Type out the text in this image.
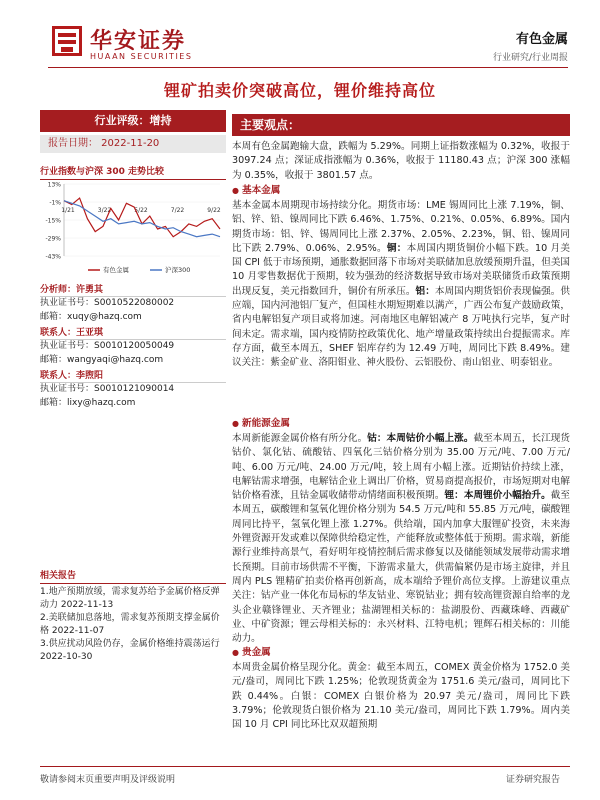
华安证券
HUAAN SECURITIES
有色金属
行业研究/行业周报
锂矿拍卖价突破高位，锂价维持高位
行业评级：增持
报告日期： 2022-11-20
行业指数与沪深 300 走势比较
13%
-1%
-15%
-29%
-43%
1/21	3/22	5/22	7/22	9/22
有色金属	沪深300
分析师：许勇其
执业证书号：S0010522080002
邮箱：xuqy@hazq.com
联系人：王亚琪
执业证书号：S0010120050049
邮箱：wangyaqi@hazq.com
联系人：李煦阳
执业证书号：S0010121090014
邮箱：lixy@hazq.com
相关报告
1.地产预期放缓，需求复苏给予金属价格反弹动力 2022-11-13
2.美联储加息落地，需求复苏预期支撑金属价格 2022-11-07
3.供应扰动风险仍存，金属价格维持震荡运行 2022-10-30
主要观点：
本周有色金属跑输大盘，跌幅为 5.29%。同期上证指数涨幅为 0.32%，收报于 3097.24 点；深证成指涨幅为 0.36%，收报于 11180.43 点；沪深 300 涨幅为 0.35%，收报于 3801.57 点。
● 基本金属
基本金属本周期现市场持续分化。期货市场：LME 锡周同比上涨 7.19%，铜、铝、锌、铅、镍周同比下跌 6.46%、1.75%、0.21%、0.05%、6.89%。国内期货市场：铝、锌、锡周同比上涨 2.37%、2.05%、2.23%，铜、铅、镍周同比下跌 2.79%、0.06%、2.95%。铜：本周国内期货铜价小幅下跌。10 月美国 CPI 低于市场预期，通胀数据回落下市场对美联储加息放缓预期升温，但美国 10 月零售数据优于预期，较为强劲的经济数据导致市场对美联储货币政策预期出现反复，美元指数回升，铜价有所承压。铝：本周国内期货铝价表现偏强。供应端，国内河池铝厂复产，但国桂水期短期难以满产，广西公布复产鼓励政策，省内电解铝复产项目或将加速。河南地区电解铝减产 8 万吨执行完毕，复产时间未定。需求端，国内疫情防控政策优化、地产增量政策持续出台提振需求。库存方面，截至本周五，SHEF 铝库存约为 12.49 万吨，周同比下跌 8.49%。建议关注：紫金矿业、洛阳钼业、神火股份、云铝股份、南山铝业、明泰铝业。
● 新能源金属
本周新能源金属价格有所分化。钴：本周钴价小幅上涨。截至本周五，长江现货钴价、氯化钴、硫酸钴、四氧化三钴价格分别为 35.00 万元/吨、7.00 万元/吨、6.00 万元/吨、24.00 万元/吨，较上周有小幅上涨。近期钴价持续上涨，电解钴需求增强，电解钴企业上调出厂价格，贸易商提高报价，市场短期对电解钴价格看涨，且钴金属收储带动情绪面积极预期。锂：本周锂价小幅抬升。截至本周五，碳酸锂和氢氧化锂价格分别为 54.5 万元/吨和 55.85 万元/吨，碳酸锂周同比持平，氢氧化锂上涨 1.27%。供给端，国内加拿大服锂矿投资，未来海外锂资源开发或难以保障供给稳定性，产能释放或整体低于预期。需求端，新能源行业维持高景气，看好明年疫情控制后需求修复以及储能领域发展带动需求增长预期。目前市场供需不平衡，下游需求量大，供需偏紧仍是市场主旋律，并且周内 PLS 锂精矿拍卖价格再创新高，成本端给予锂价高位支撑。上游建议重点关注：钴产业一体化布局标的华友钴业、寒锐钴业；拥有较高锂资源自给率的龙头企业赣锋锂业、天齐锂业；盐湖锂相关标的：盐湖股份、西藏珠峰、西藏矿业、中矿资源；锂云母相关标的：永兴材料、江特电机；锂辉石相关标的：川能动力。
● 贵金属
本周贵金属价格呈现分化。黄金：截至本周五，COMEX 黄金价格为 1752.0 美元/盎司，周同比下跌 1.25%；伦敦现货黄金为 1751.6 美元/盎司，周同比下跌 0.44%。白银：COMEX 白银价格为 20.97 美元/盎司，周同比下跌 3.79%；伦敦现货白银价格为 21.10 美元/盎司，周同比下跌 1.79%。周内美国 10 月 CPI 同比环比双双超预期
敬请参阅末页重要声明及评级说明	证券研究报告
